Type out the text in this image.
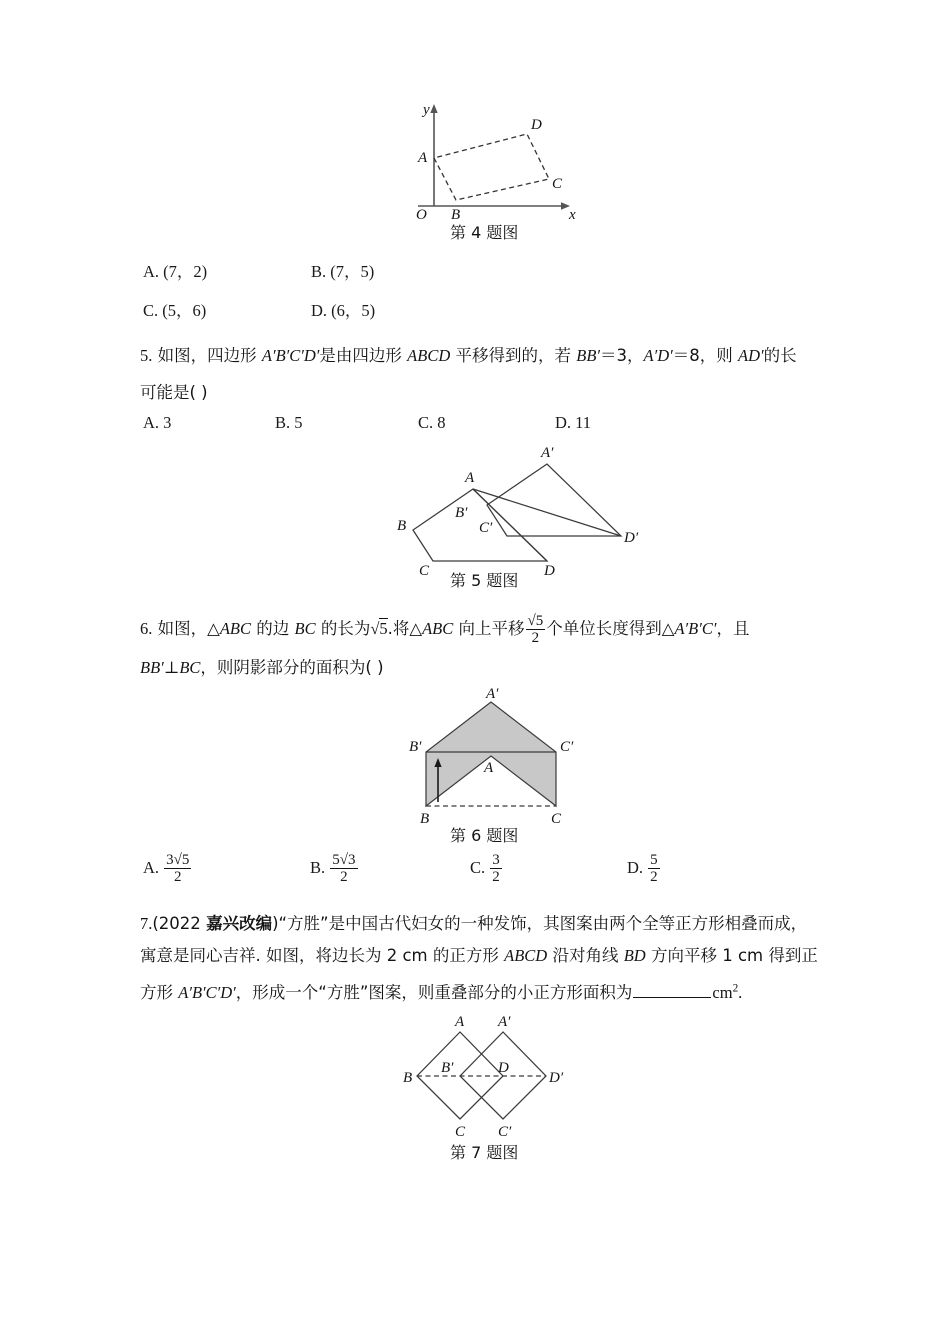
A
B
C
D
O	x
y
第 4 题图
A. (7，2)	B. (7，5)
C. (5，6)	D. (6，5)
5. 如图，四边形 A′B′C′D′是由四边形 ABCD 平移得到的，若 BB′＝3，A′D′＝8，则 AD′的长
可能是( )
A. 3	B. 5	C. 8	D. 11
A
B
C	D
A′
B′
C′
D′
第 5 题图
6. 如图，△ABC 的边 BC 的长为√5.将△ABC 向上平移 $\frac{√5}{2}$ 个单位长度得到△A′B′C′，且
BB′⊥BC，则阴影部分的面积为( )
B′	C′
A′
A
B	C
第 6 题图
A. $\frac{3√5}{2}$	B. $\frac{5√3}{2}$	C. $\frac{3}{2}$	D. $\frac{5}{2}$
7.(2022 嘉兴改编)“方胜”是中国古代妇女的一种发饰，其图案由两个全等正方形相叠而成，
寓意是同心吉祥. 如图，将边长为 2 cm 的正方形 ABCD 沿对角线 BD 方向平移 1 cm 得到正
方形 A′B′C′D′，形成一个“方胜”图案，则重叠部分的小正方形面积为	$cm^2$.
A A′
B
B′	D
D′
C C′
第 7 题图
